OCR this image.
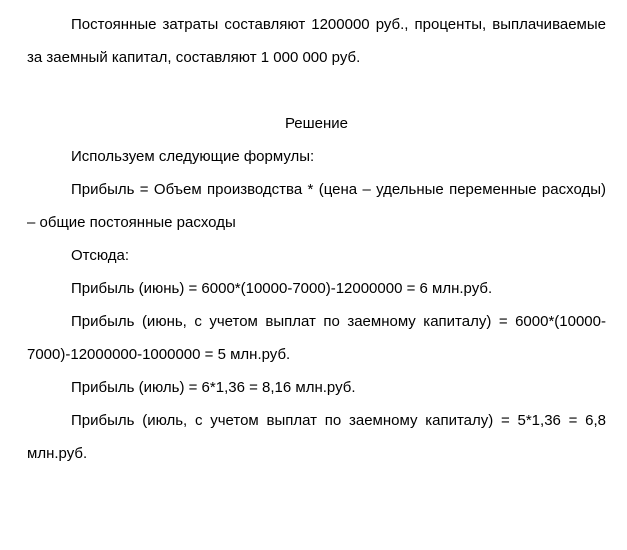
Постоянные затраты составляют 1200000 руб., проценты, выплачиваемые за заемный капитал, составляют 1 000 000 руб.

Решение

Используем следующие формулы:

Прибыль = Объем производства * (цена – удельные переменные расходы) – общие постоянные расходы

Отсюда:

Прибыль (июнь) = 6000*(10000-7000)-12000000 = 6 млн.руб.

Прибыль (июнь, с учетом выплат по заемному капиталу) = 6000*(10000-7000)-12000000-1000000 = 5 млн.руб.

Прибыль (июль) = 6*1,36 = 8,16 млн.руб.

Прибыль (июль, с учетом выплат по заемному капиталу) = 5*1,36 = 6,8 млн.руб.
